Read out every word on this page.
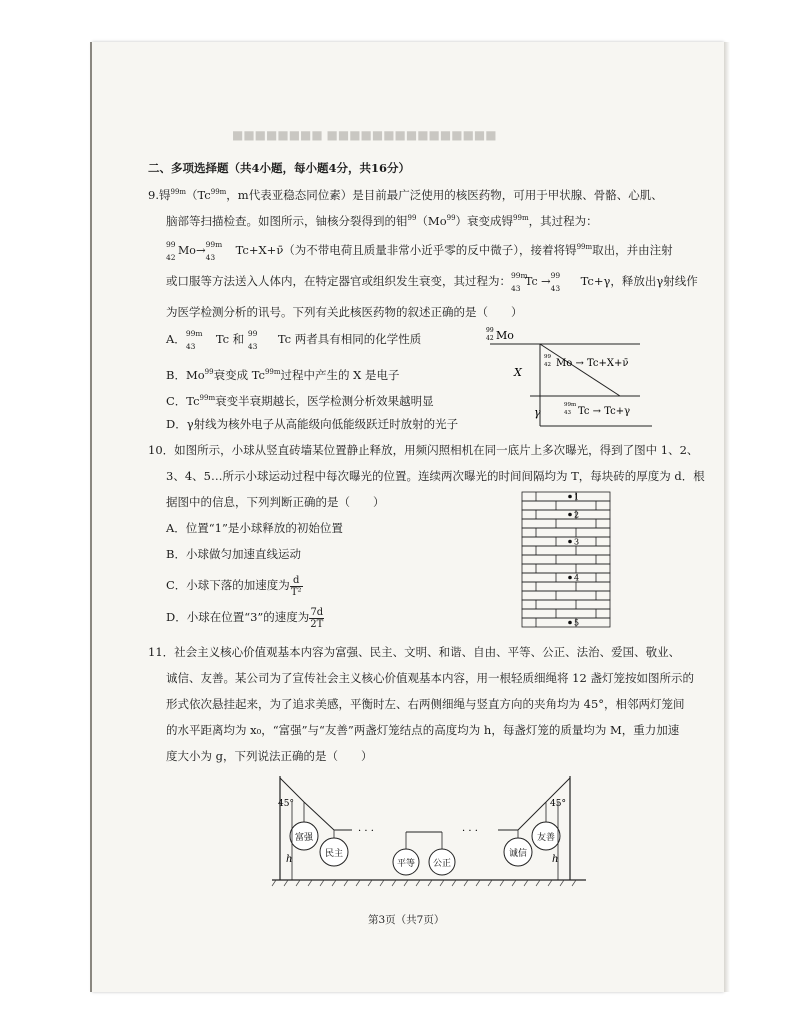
■■■■■■■■ ■■■■■■■■■■■■■■■
二、多项选择题（共4小题，每小题4分，共16分）
9.锝$^{99m}(Tc^{99m}$，m代表亚稳态同位素）是目前最广泛使用的核医药物，可用于甲状腺、骨骼、心肌、
脑部等扫描检查。如图所示，铀核分裂得到的钼$^{99}$（Mo$^{99}$）衰变成锝$^{99m}$，其过程为：
99
42
Mo → 99m
43

Tc+X+ν̄（为不带电荷且质量非常小近乎零的反中微子），接着将锝$^{99m}$取出，并由注射
或口服等方法送入人体内，在特定器官或组织发生衰变，其过程为： 99m
43
Tc → 99
43

Tc+γ，释放出γ射线作
为医学检测分析的讯号。下列有关此核医药物的叙述正确的是（　　）
A． 99m
43

Tc 和 99
43

Tc 两者具有相同的化学性质
B．Mo$^{99}$衰变成 $Tc^{99m}$过程中产生的 X 是电子
C．$Tc^{99m}$衰变半衰期越长，医学检测分析效果越明显
D．γ射线为核外电子从高能级向低能级跃迁时放射的光子
99
42 Mo
X
99
42 Mo → Tc+X+ν̄
γ
99m
43 Tc → Tc+γ
10．如图所示，小球从竖直砖墙某位置静止释放，用频闪照相机在同一底片上多次曝光，得到了图中 1、2、
3、4、5…所示小球运动过程中每次曝光的位置。连续两次曝光的时间间隔均为 T，每块砖的厚度为 d．根
据图中的信息，下列判断正确的是（　　）
A．位置“1”是小球释放的初始位置
B．小球做匀加速直线运动
C．小球下落的加速度为 $\frac{d}{\text{T²}}$
D．小球在位置“3”的速度为 $\frac{7d}{2T}$
1
2
3
4
5
11．社会主义核心价值观基本内容为富强、民主、文明、和谐、自由、平等、公正、法治、爱国、敬业、
诚信、友善。某公司为了宣传社会主义核心价值观基本内容，用一根轻质细绳将 12 盏灯笼按如图所示的
形式依次悬挂起来，为了追求美感，平衡时左、右两侧细绳与竖直方向的夹角均为 45°，相邻两灯笼间
的水平距离均为 x₀，“富强”与“友善”两盏灯笼结点的高度均为 h，每盏灯笼的质量均为 M，重力加速
度大小为 g，下列说法正确的是（　　）
45°
· · ·	· · ·
45°
富强
民主
平等 公正
诚信
友善
h	h
第3页（共7页）
